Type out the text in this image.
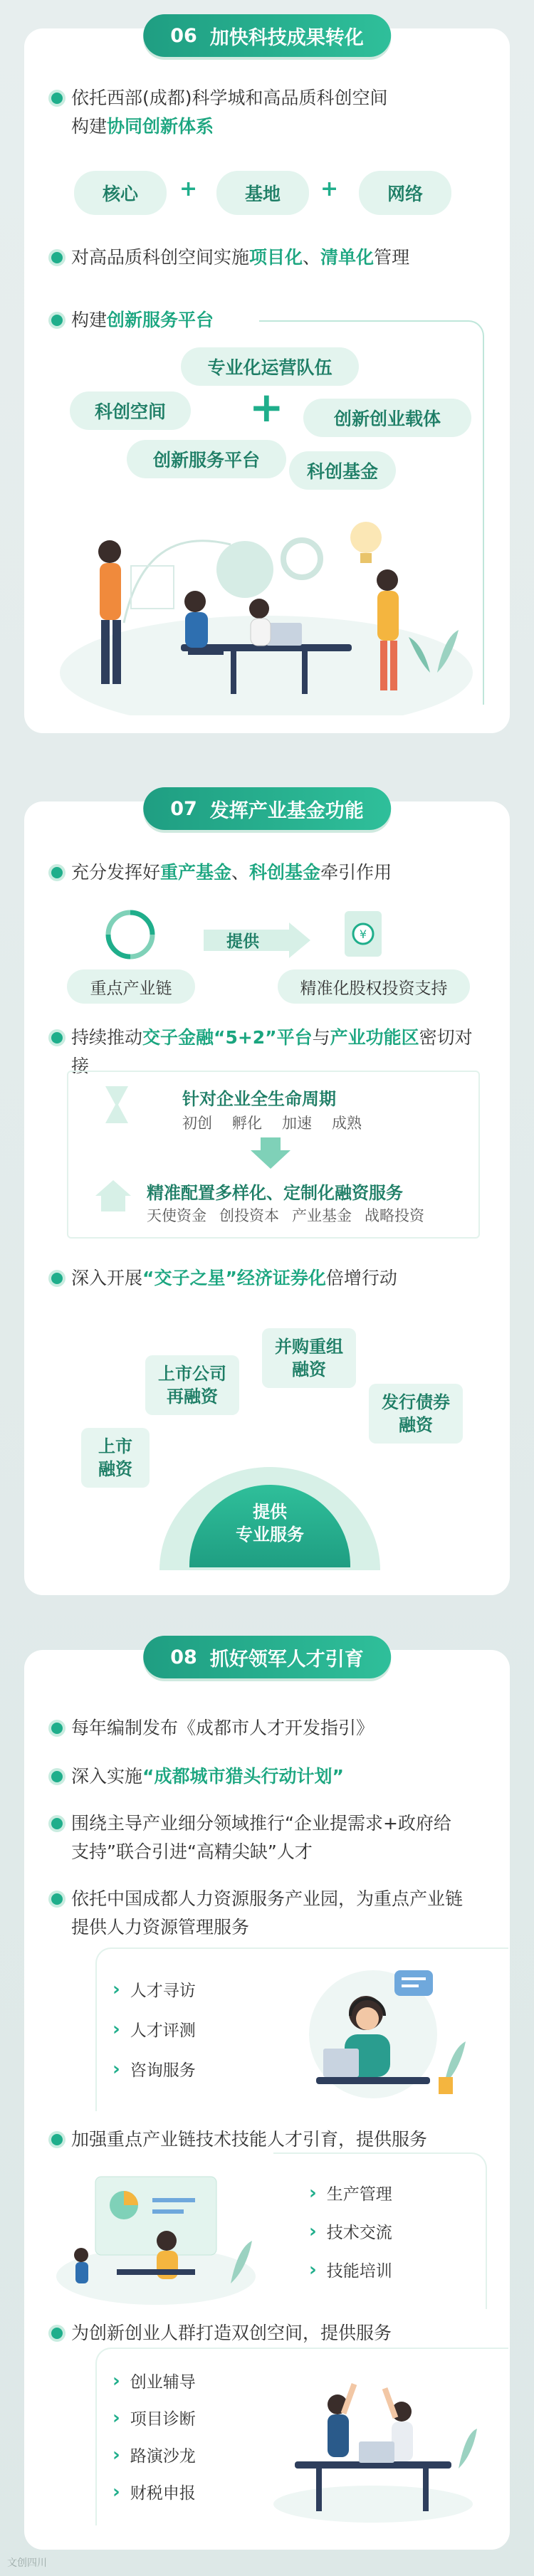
06 加快科技成果转化
依托西部(成都)科学城和高品质科创空间
构建协同创新体系
核心	+	基地	+	网络
对高品质科创空间实施项目化、清单化管理
构建创新服务平台
专业化运营队伍
科创空间	+	创新创业载体
创新服务平台
科创基金
07 发挥产业基金功能
充分发挥好重产基金、科创基金牵引作用
重点产业链
提供	¥
精准化股权投资支持
持续推动交子金融“5+2”平台与产业功能区密切对接
针对企业全生命周期
初创 孵化 加速 成熟
精准配置多样化、定制化融资服务
天使资金 创投资本 产业基金 战略投资
深入开展“交子之星”经济证券化倍增行动
上市
融资
上市公司
再融资
并购重组
融资
发行债券
融资
提供
专业服务
08 抓好领军人才引育
每年编制发布《成都市人才开发指引》
深入实施“成都城市猎头行动计划”
围绕主导产业细分领域推行“企业提需求+政府给
支持”联合引进“高精尖缺”人才
依托中国成都人力资源服务产业园，为重点产业链
提供人力资源管理服务
› 人才寻访
› 人才评测
› 咨询服务
加强重点产业链技术技能人才引育，提供服务
› 生产管理
› 技术交流
› 技能培训
为创新创业人群打造双创空间，提供服务
› 创业辅导
› 项目诊断
› 路演沙龙
› 财税申报
文创四川
